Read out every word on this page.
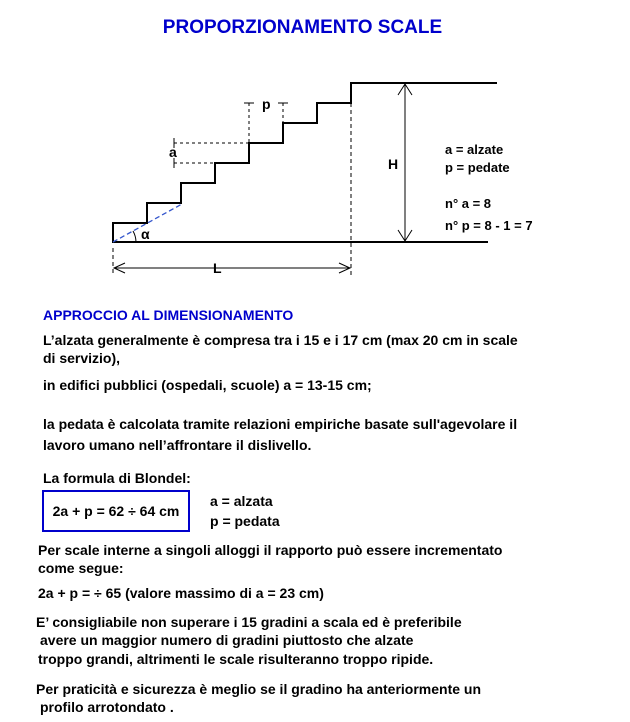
PROPORZIONAMENTO SCALE
p
a
α
H
L
a = alzate
p = pedate
n° a = 8
n° p = 8 - 1 = 7
APPROCCIO AL DIMENSIONAMENTO
L’alzata generalmente è compresa tra i 15 e i 17 cm (max 20 cm in scale
di servizio),
in edifici pubblici (ospedali, scuole) a = 13-15 cm;
la pedata è calcolata tramite relazioni empiriche basate sull'agevolare il
lavoro umano nell’affrontare il dislivello.
La formula di Blondel:
2a + p = 62 ÷ 64 cm
a = alzata
p = pedata
Per scale interne a singoli alloggi il rapporto può essere incrementato
come segue:
2a + p = ÷ 65 (valore massimo di a = 23 cm)
E’ consigliabile non superare i 15 gradini a scala ed è preferibile
avere un maggior numero di gradini piuttosto che alzate
troppo grandi, altrimenti le scale risulteranno troppo ripide.
Per praticità e sicurezza è meglio se il gradino ha anteriormente un
profilo arrotondato .
